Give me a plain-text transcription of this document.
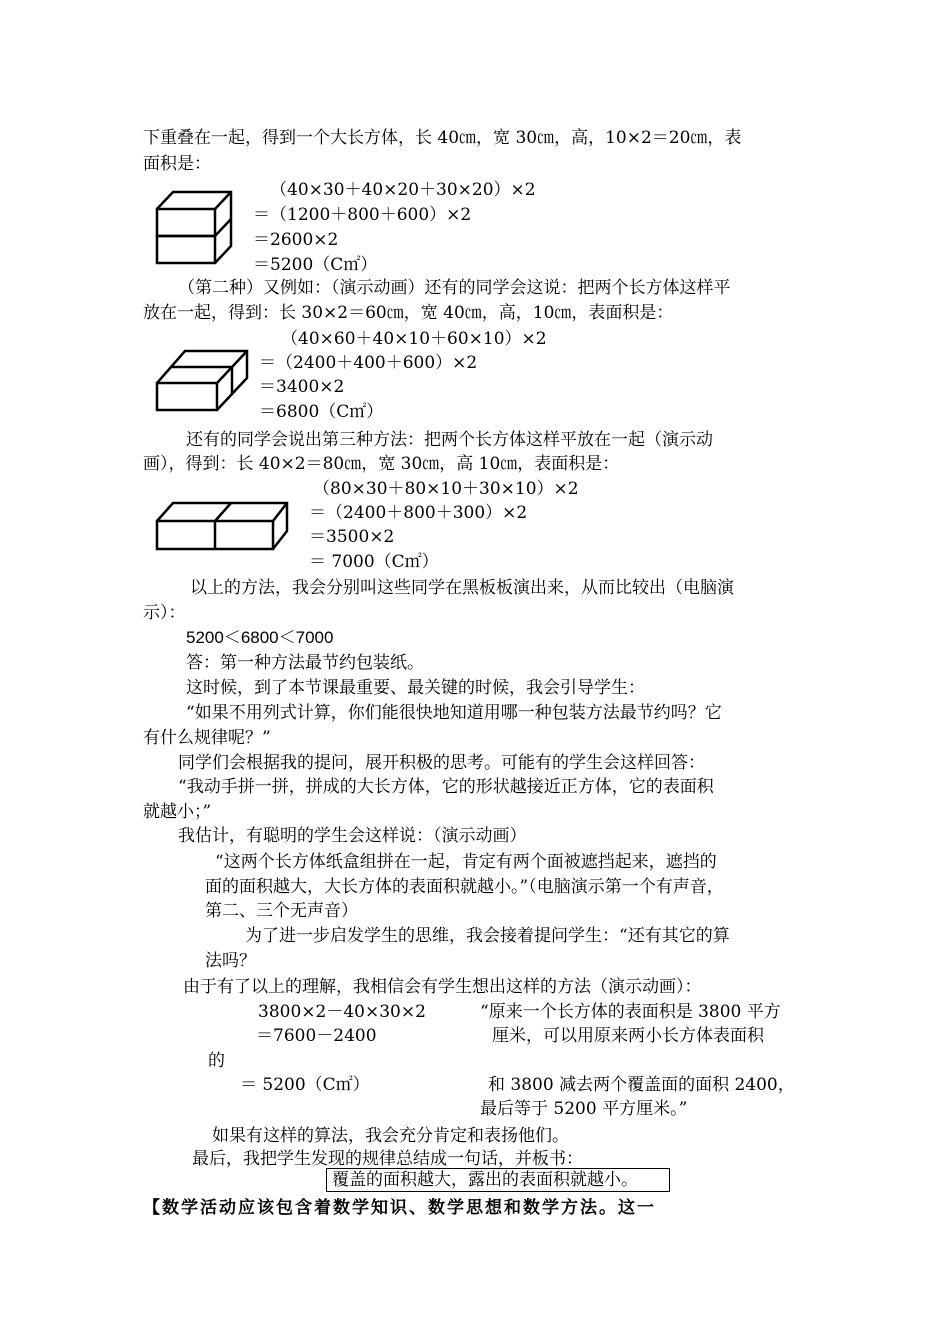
下重叠在一起，得到一个大长方体，长 40㎝，宽 30㎝，高，10×2＝20㎝，表
面积是：
（40×30＋40×20＋30×20）×2
＝（1200＋800＋600）×2
＝2600×2
＝5200（C㎡）
（第二种）又例如：（演示动画）还有的同学会这说：把两个长方体这样平
放在一起，得到：长 30×2＝60㎝，宽 40㎝，高，10㎝，表面积是：
（40×60＋40×10＋60×10）×2
＝（2400＋400＋600）×2
＝3400×2
＝6800（C㎡）
还有的同学会说出第三种方法：把两个长方体这样平放在一起（演示动
画），得到：长 40×2＝80㎝，宽 30㎝，高 10㎝，表面积是：
（80×30＋80×10＋30×10）×2
＝（2400＋800＋300）×2
＝3500×2
＝ 7000（C㎡）
以上的方法，我会分别叫这些同学在黑板板演出来，从而比较出（电脑演
示）：
5200＜6800＜7000
答：第一种方法最节约包装纸。
这时候，到了本节课最重要、最关键的时候，我会引导学生：
“如果不用列式计算，你们能很快地知道用哪一种包装方法最节约吗？它
有什么规律呢？”
同学们会根据我的提问，展开积极的思考。可能有的学生会这样回答：
“我动手拼一拼，拼成的大长方体，它的形状越接近正方体，它的表面积
就越小；”
我估计，有聪明的学生会这样说：（演示动画）
“这两个长方体纸盒组拼在一起，肯定有两个面被遮挡起来，遮挡的
面的面积越大，大长方体的表面积就越小。”（电脑演示第一个有声音，
第二、三个无声音）
为了进一步启发学生的思维，我会接着提问学生：“还有其它的算
法吗？
由于有了以上的理解，我相信会有学生想出这样的方法（演示动画）：
3800×2－40×30×2
＝7600－2400
＝ 5200（C㎡）
“原来一个长方体的表面积是 3800 平方
厘米，可以用原来两小长方体表面积
的
和 3800 减去两个覆盖面的面积 2400，
最后等于 5200 平方厘米。”
如果有这样的算法，我会充分肯定和表扬他们。
最后，我把学生发现的规律总结成一句话，并板书：
覆盖的面积越大，露出的表面积就越小。
【数学活动应该包含着数学知识、数学思想和数学方法。这一
